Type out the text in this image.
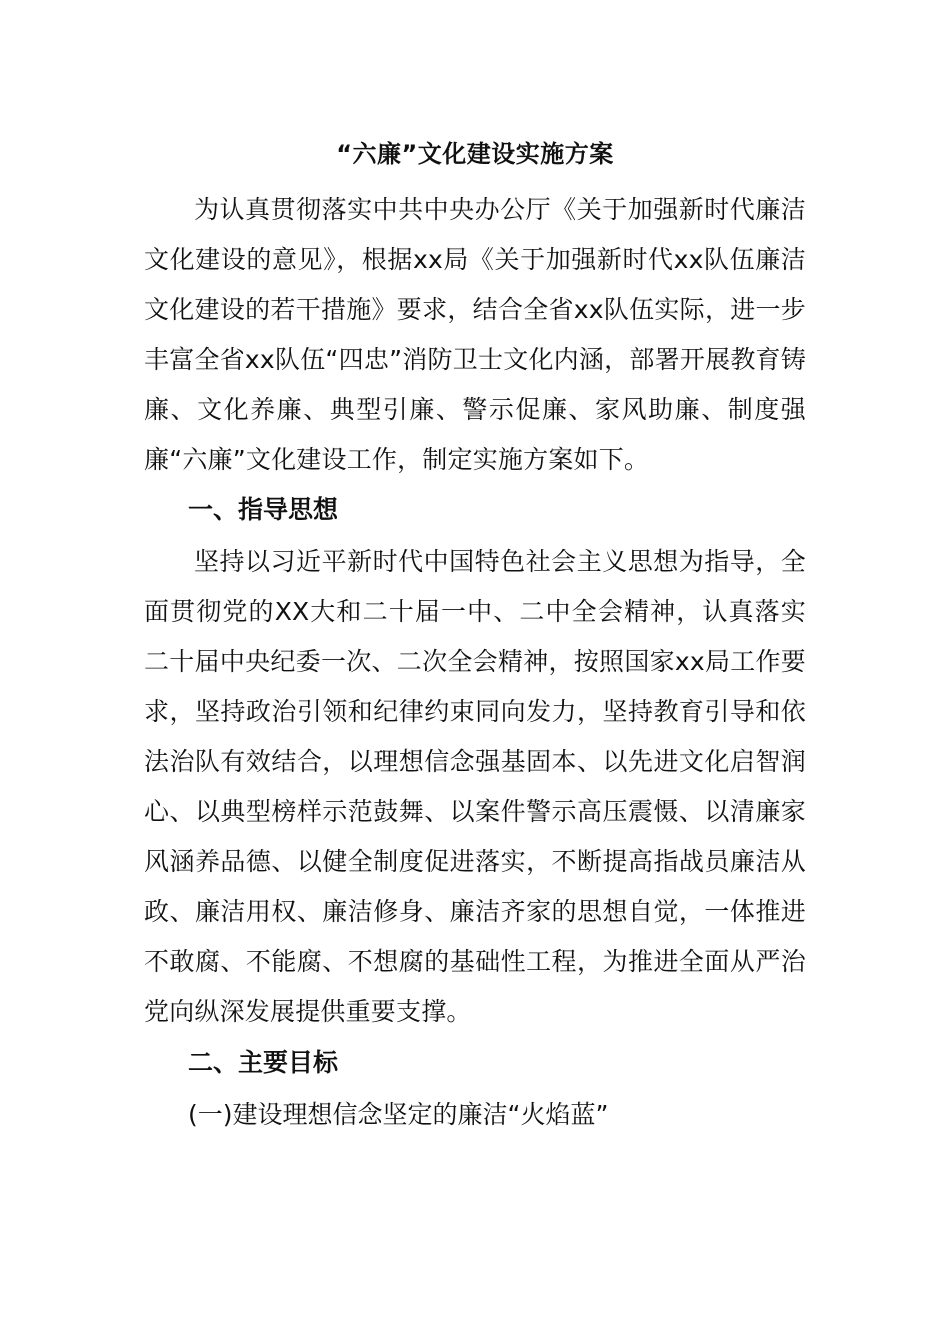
“六廉”文化建设实施方案
为认真贯彻落实中共中央办公厅《关于加强新时代廉洁文化建设的意见》，根据xx局《关于加强新时代xx队伍廉洁文化建设的若干措施》要求，结合全省xx队伍实际，进一步丰富全省xx队伍“四忠”消防卫士文化内涵，部署开展教育铸廉、文化养廉、典型引廉、警示促廉、家风助廉、制度强廉“六廉”文化建设工作，制定实施方案如下。
一、指导思想
坚持以习近平新时代中国特色社会主义思想为指导，全面贯彻党的XX大和二十届一中、二中全会精神，认真落实二十届中央纪委一次、二次全会精神，按照国家xx局工作要求，坚持政治引领和纪律约束同向发力，坚持教育引导和依法治队有效结合，以理想信念强基固本、以先进文化启智润心、以典型榜样示范鼓舞、以案件警示高压震慑、以清廉家风涵养品德、以健全制度促进落实，不断提高指战员廉洁从政、廉洁用权、廉洁修身、廉洁齐家的思想自觉，一体推进不敢腐、不能腐、不想腐的基础性工程，为推进全面从严治党向纵深发展提供重要支撑。
二、主要目标
(一)建设理想信念坚定的廉洁“火焰蓝”
